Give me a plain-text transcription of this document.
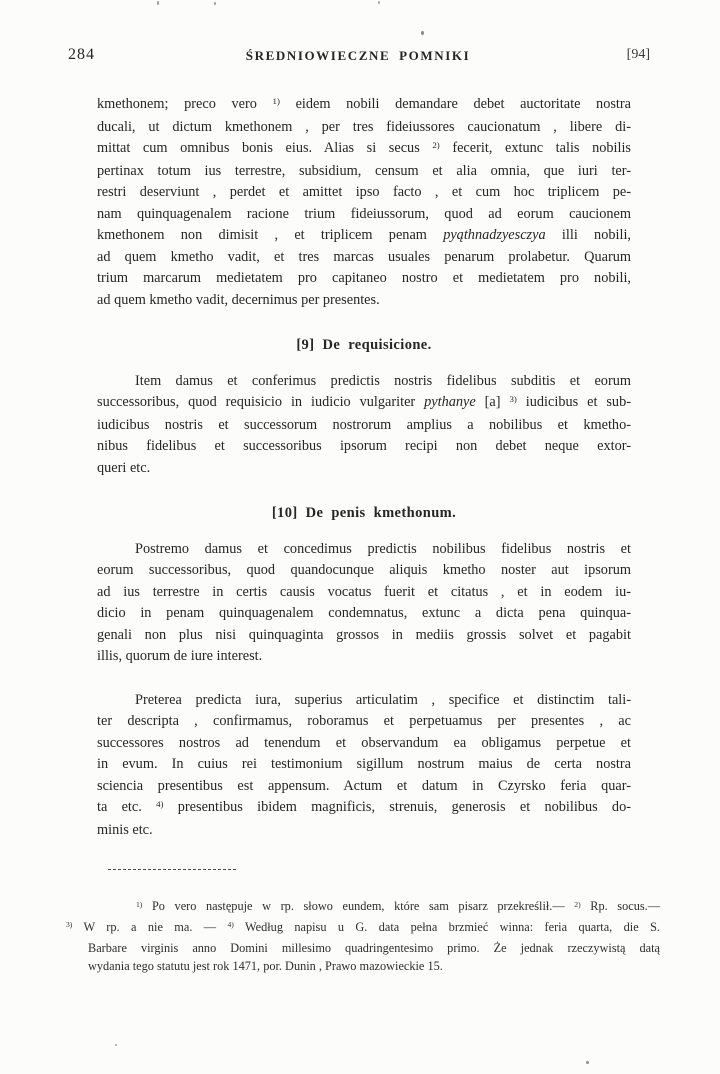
284	ŚREDNIOWIECZNE POMNIKI	[94]
kmethonem; preco vero $^{1)}$ eidem nobili demandare debet auctoritate nostra
ducali, ut dictum kmethonem , per tres fideiussores caucionatum , libere di-
mittat cum omnibus bonis eius. Alias si secus $^{2)}$ fecerit, extunc talis nobilis
pertinax totum ius terrestre, subsidium, censum et alia omnia, que iuri ter-
restri deserviunt , perdet et amittet ipso facto , et cum hoc triplicem pe-
nam quinquagenalem racione trium fideiussorum, quod ad eorum caucionem
kmethonem non dimisit , et triplicem penam pyąthnadzyesczya illi nobili,
ad quem kmetho vadit, et tres marcas usuales penarum prolabetur. Quarum
trium marcarum medietatem pro capitaneo nostro et medietatem pro nobili,
ad quem kmetho vadit, decernimus per presentes.
[9] De requisicione.
Item damus et conferimus predictis nostris fidelibus subditis et eorum
successoribus, quod requisicio in iudicio vulgariter pythanye [a] $^{3)}$ iudicibus et sub-
iudicibus nostris et successorum nostrorum amplius a nobilibus et kmetho-
nibus fidelibus et successoribus ipsorum recipi non debet neque extor-
queri etc.
[10] De penis kmethonum.
Postremo damus et concedimus predictis nobilibus fidelibus nostris et
eorum successoribus, quod quandocunque aliquis kmetho noster aut ipsorum
ad ius terrestre in certis causis vocatus fuerit et citatus , et in eodem iu-
dicio in penam quinquagenalem condemnatus, extunc a dicta pena quinqua-
genali non plus nisi quinquaginta grossos in mediis grossis solvet et pagabit
illis, quorum de iure interest.
Preterea predicta iura, superius articulatim , specifice et distinctim tali-
ter descripta , confirmamus, roboramus et perpetuamus per presentes , ac
successores nostros ad tenendum et observandum ea obligamus perpetue et
in evum. In cuius rei testimonium sigillum nostrum maius de certa nostra
sciencia presentibus est appensum. Actum et datum in Czyrsko feria quar-
ta etc. $^{4)}$ presentibus ibidem magnificis, strenuis, generosis et nobilibus do-
minis etc.
$^{1)}$ Po vero następuje w rp. słowo eundem, które sam pisarz przekreślił.— $^{2)}$ Rp. socus.—
$^{3)}$ W rp. a nie ma. — $^{4)}$ Według napisu u G. data pełna brzmieć winna: feria quarta, die S.
Barbare virginis anno Domini millesimo quadringentesimo primo. Że jednak rzeczywistą datą
wydania tego statutu jest rok 1471, por. Dunin , Prawo mazowieckie 15.
